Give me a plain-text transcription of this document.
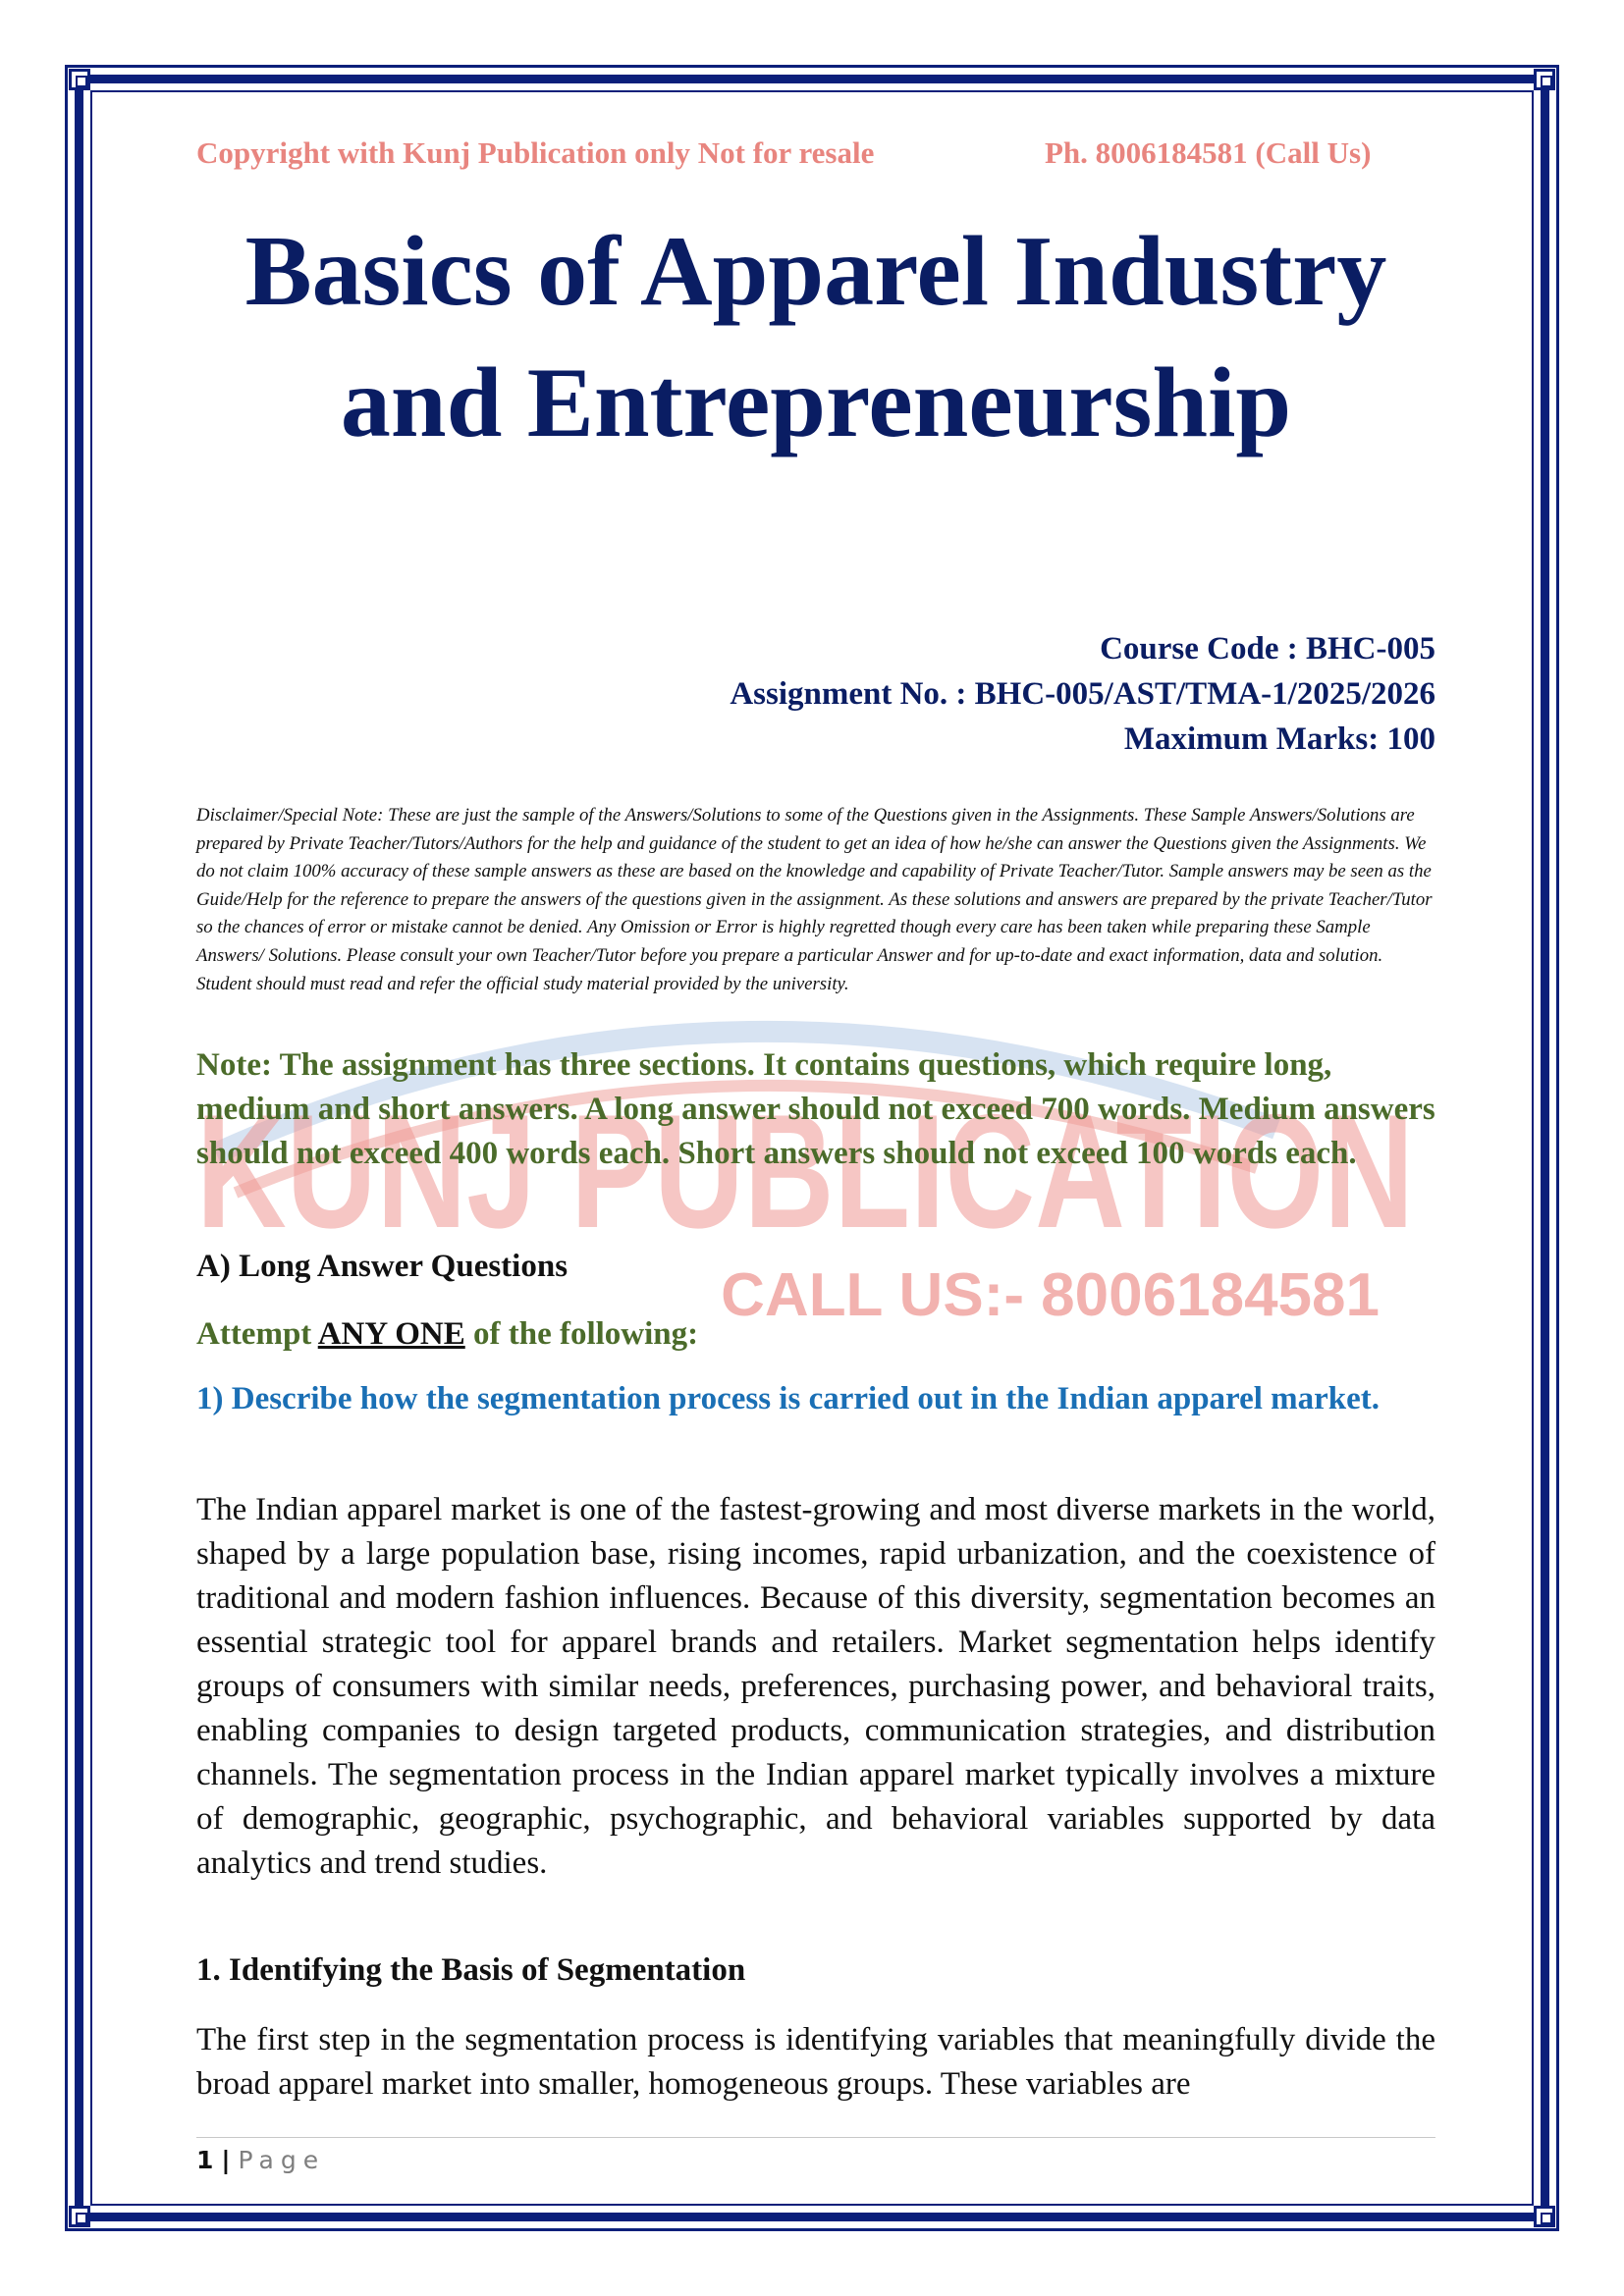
KUNJ PUBLICATION
CALL US:- 8006184581
Copyright with Kunj Publication only Not for resale	Ph. 8006184581 (Call Us)
Basics of Apparel Industry
and Entrepreneurship
Course Code : BHC-005
Assignment No. : BHC-005/AST/TMA-1/2025/2026
Maximum Marks: 100

Disclaimer/Special Note: These are just the sample of the Answers/Solutions to some of the Questions given in the Assignments. These Sample Answers/Solutions are prepared by Private Teacher/Tutors/Authors for the help and guidance of the student to get an idea of how he/she can answer the Questions given the Assignments. We do not claim 100% accuracy of these sample answers as these are based on the knowledge and capability of Private Teacher/Tutor. Sample answers may be seen as the Guide/Help for the reference to prepare the answers of the questions given in the assignment. As these solutions and answers are prepared by the private Teacher/Tutor so the chances of error or mistake cannot be denied. Any Omission or Error is highly regretted though every care has been taken while preparing these Sample Answers/ Solutions. Please consult your own Teacher/Tutor before you prepare a particular Answer and for up-to-date and exact information, data and solution. Student should must read and refer the official study material provided by the university.

Note: The assignment has three sections. It contains questions, which require long, medium and short answers. A long answer should not exceed 700 words. Medium answers should not exceed 400 words each. Short answers should not exceed 100 words each.

A) Long Answer Questions

Attempt ANY ONE of the following:

1) Describe how the segmentation process is carried out in the Indian apparel market.

The Indian apparel market is one of the fastest-growing and most diverse markets in the world, shaped by a large population base, rising incomes, rapid urbanization, and the coexistence of traditional and modern fashion influences. Because of this diversity, segmentation becomes an essential strategic tool for apparel brands and retailers. Market segmentation helps identify groups of consumers with similar needs, preferences, purchasing power, and behavioral traits, enabling companies to design targeted products, communication strategies, and distribution channels. The segmentation process in the Indian apparel market typically involves a mixture of demographic, geographic, psychographic, and behavioral variables supported by data analytics and trend studies.

1. Identifying the Basis of Segmentation

The first step in the segmentation process is identifying variables that meaningfully divide the broad apparel market into smaller, homogeneous groups. These variables are

1 | Page
